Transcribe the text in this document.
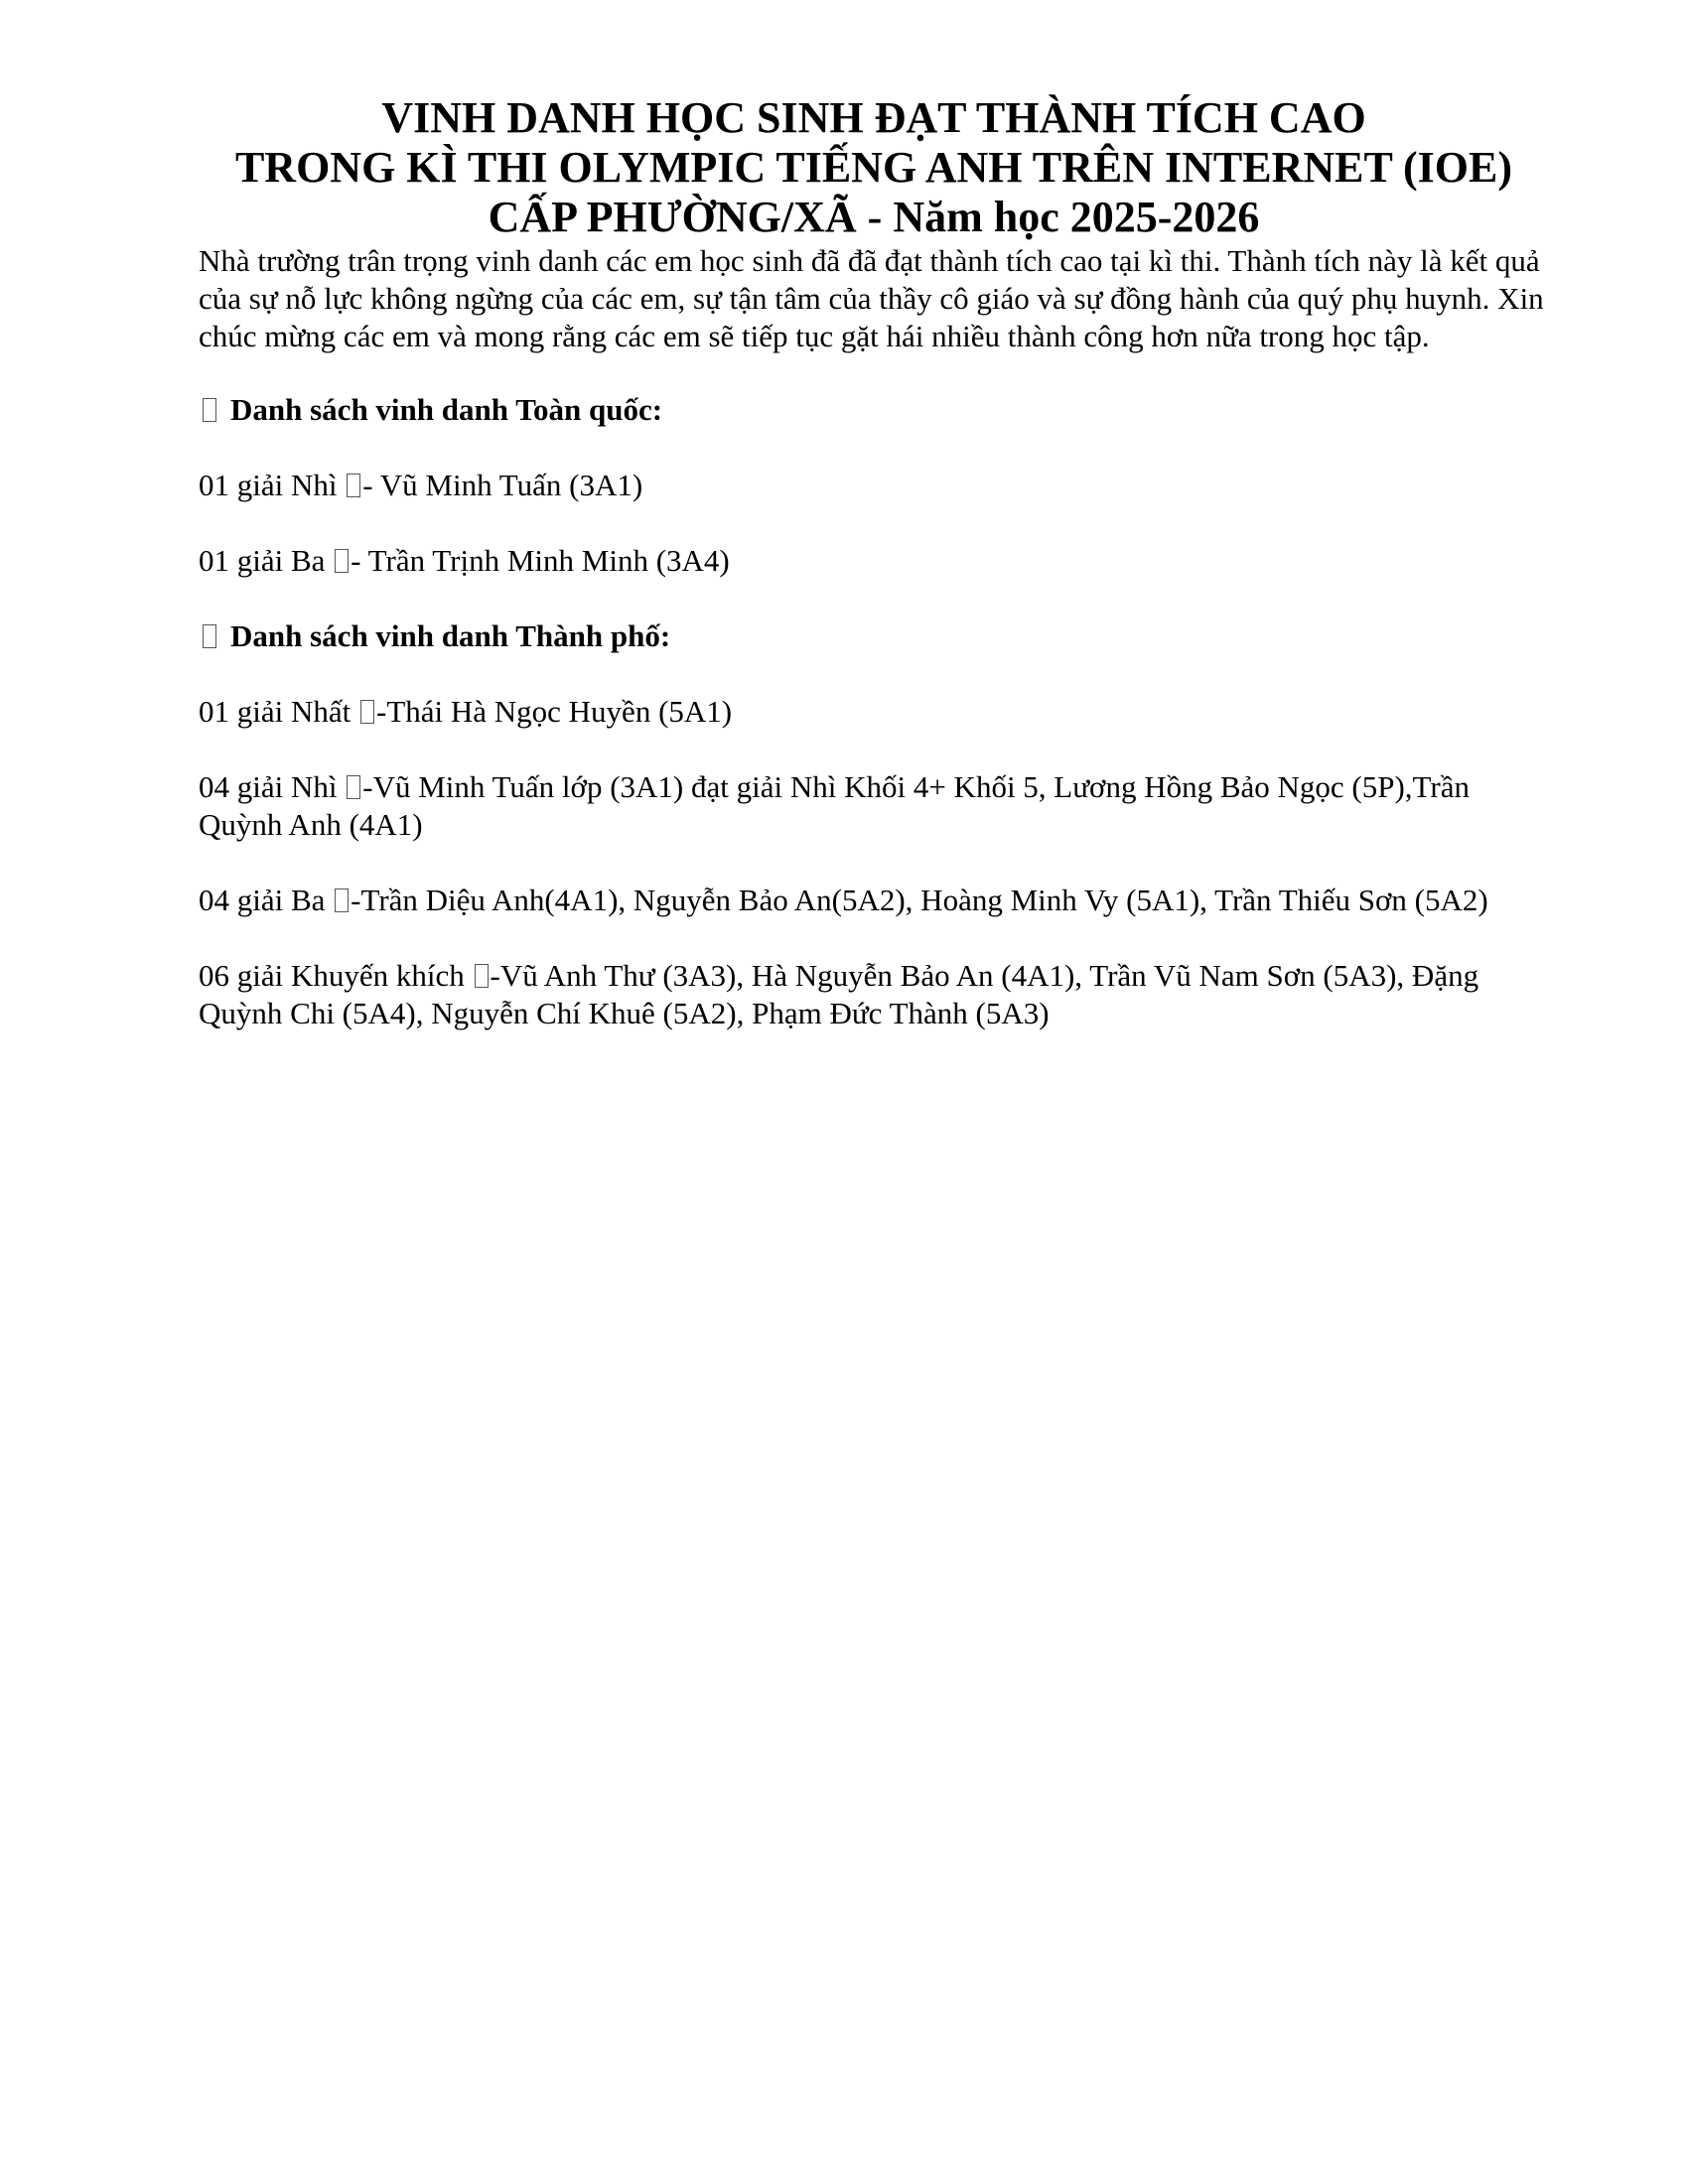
VINH DANH HỌC SINH ĐẠT THÀNH TÍCH CAO
TRONG KÌ THI OLYMPIC TIẾNG ANH TRÊN INTERNET (IOE)
CẤP PHƯỜNG/XÃ - Năm học 2025-2026

Nhà trường trân trọng vinh danh các em học sinh đã đã đạt thành tích cao tại kì thi. Thành tích này là kết quả của sự nỗ lực không ngừng của các em, sự tận tâm của thầy cô giáo và sự đồng hành của quý phụ huynh. Xin chúc mừng các em và mong rằng các em sẽ tiếp tục gặt hái nhiều thành công hơn nữa trong học tập.

Danh sách vinh danh Toàn quốc:
01 giải Nhì - Vũ Minh Tuấn (3A1)
01 giải Ba - Trần Trịnh Minh Minh (3A4)
Danh sách vinh danh Thành phố:
01 giải Nhất -Thái Hà Ngọc Huyền (5A1)
04 giải Nhì -Vũ Minh Tuấn lớp (3A1) đạt giải Nhì Khối 4+ Khối 5, Lương Hồng Bảo Ngọc (5P),Trần Quỳnh Anh (4A1)
04 giải Ba -Trần Diệu Anh(4A1), Nguyễn Bảo An(5A2), Hoàng Minh Vy (5A1), Trần Thiếu Sơn (5A2)
06 giải Khuyến khích -Vũ Anh Thư (3A3), Hà Nguyễn Bảo An (4A1), Trần Vũ Nam Sơn (5A3), Đặng Quỳnh Chi (5A4), Nguyễn Chí Khuê (5A2), Phạm Đức Thành (5A3)
